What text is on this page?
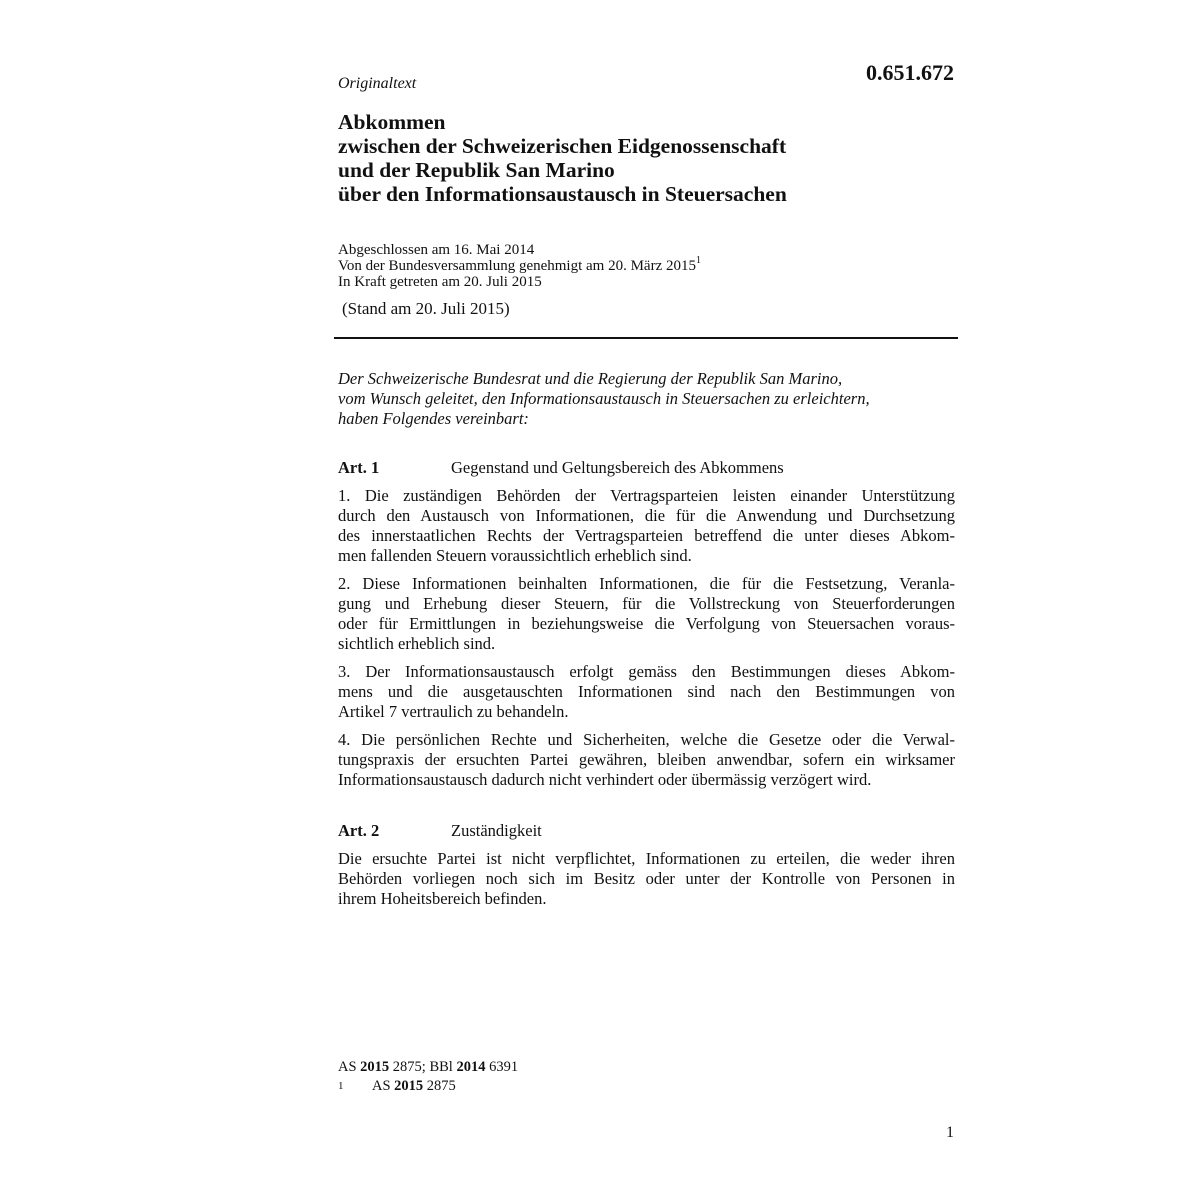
0.651.672
Originaltext
Abkommen
zwischen der Schweizerischen Eidgenossenschaft
und der Republik San Marino
über den Informationsaustausch in Steuersachen
Abgeschlossen am 16. Mai 2014
Von der Bundesversammlung genehmigt am 20. März 2015$^1$
In Kraft getreten am 20. Juli 2015
(Stand am 20. Juli 2015)
Der Schweizerische Bundesrat und die Regierung der Republik San Marino,
vom Wunsch geleitet, den Informationsaustausch in Steuersachen zu erleichtern,
haben Folgendes vereinbart:
Art. 1	Gegenstand und Geltungsbereich des Abkommens

1. Die zuständigen Behörden der Vertragsparteien leisten einander Unterstützung
durch den Austausch von Informationen, die für die Anwendung und Durchsetzung
des innerstaatlichen Rechts der Vertragsparteien betreffend die unter dieses Abkom-
men fallenden Steuern voraussichtlich erheblich sind.

2. Diese Informationen beinhalten Informationen, die für die Festsetzung, Veranla-
gung und Erhebung dieser Steuern, für die Vollstreckung von Steuerforderungen
oder für Ermittlungen in beziehungsweise die Verfolgung von Steuersachen voraus-
sichtlich erheblich sind.

3. Der Informationsaustausch erfolgt gemäss den Bestimmungen dieses Abkom-
mens und die ausgetauschten Informationen sind nach den Bestimmungen von
Artikel 7 vertraulich zu behandeln.

4. Die persönlichen Rechte und Sicherheiten, welche die Gesetze oder die Verwal-
tungspraxis der ersuchten Partei gewähren, bleiben anwendbar, sofern ein wirksamer
Informationsaustausch dadurch nicht verhindert oder übermässig verzögert wird.

Art. 2	Zuständigkeit

Die ersuchte Partei ist nicht verpflichtet, Informationen zu erteilen, die weder ihren
Behörden vorliegen noch sich im Besitz oder unter der Kontrolle von Personen in
ihrem Hoheitsbereich befinden.

AS 2015 2875; BBl 2014 6391
1 AS 2015 2875
1
